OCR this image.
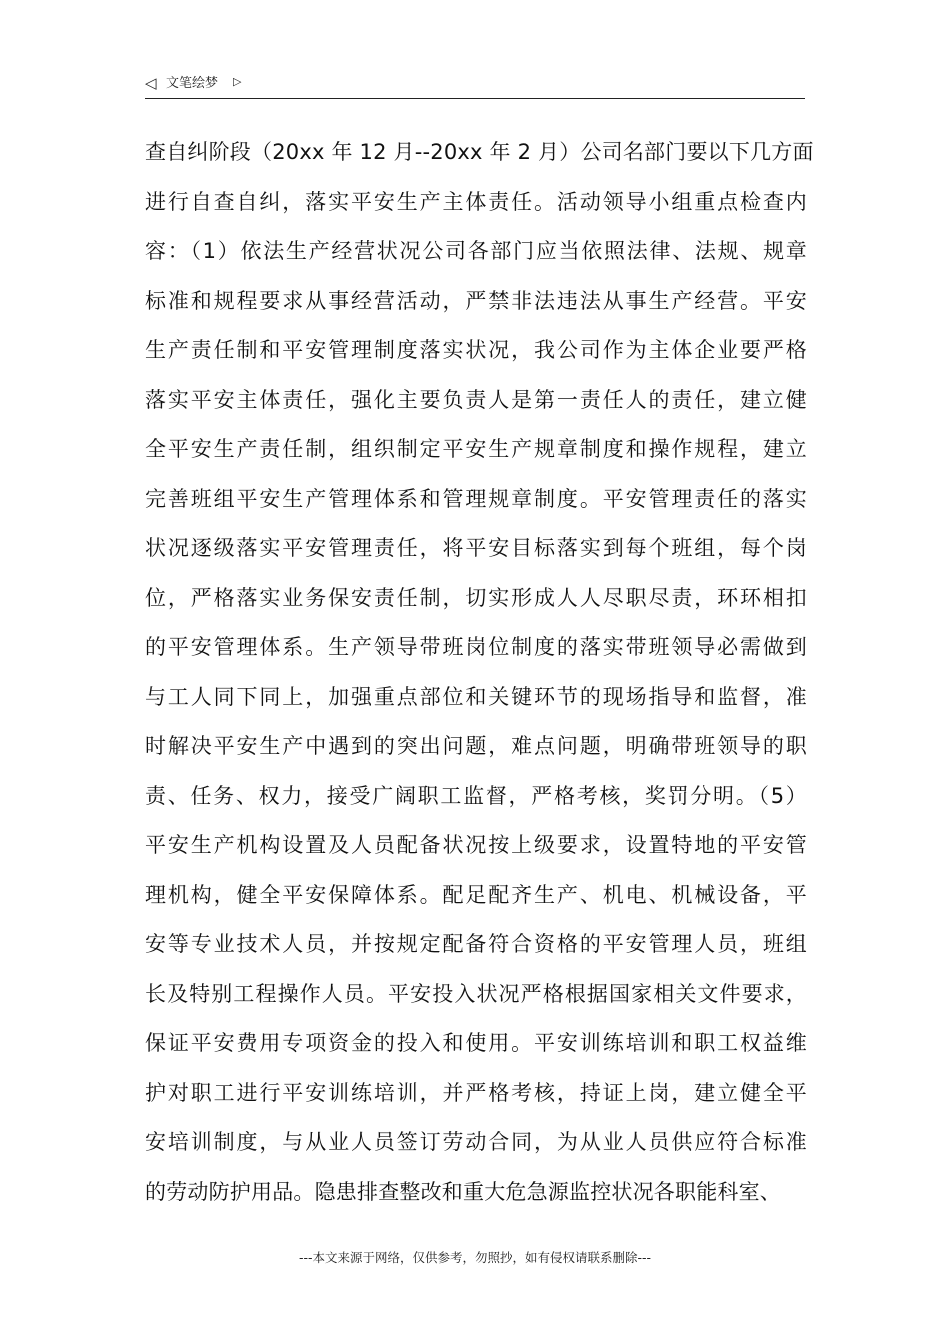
◁ 文笔绘梦 ▷
查自纠阶段（20xx 年 12 月--20xx 年 2 月）公司名部门要以下几方面
进行自查自纠，落实平安生产主体责任。活动领导小组重点检查内
容：（1）依法生产经营状况公司各部门应当依照法律、法规、规章
标准和规程要求从事经营活动，严禁非法违法从事生产经营。平安
生产责任制和平安管理制度落实状况，我公司作为主体企业要严格
落实平安主体责任，强化主要负责人是第一责任人的责任，建立健
全平安生产责任制，组织制定平安生产规章制度和操作规程，建立
完善班组平安生产管理体系和管理规章制度。平安管理责任的落实
状况逐级落实平安管理责任，将平安目标落实到每个班组，每个岗
位，严格落实业务保安责任制，切实形成人人尽职尽责，环环相扣
的平安管理体系。生产领导带班岗位制度的落实带班领导必需做到
与工人同下同上，加强重点部位和关键环节的现场指导和监督，准
时解决平安生产中遇到的突出问题，难点问题，明确带班领导的职
责、任务、权力，接受广阔职工监督，严格考核，奖罚分明。（5）
平安生产机构设置及人员配备状况按上级要求，设置特地的平安管
理机构，健全平安保障体系。配足配齐生产、机电、机械设备，平
安等专业技术人员，并按规定配备符合资格的平安管理人员，班组
长及特别工程操作人员。平安投入状况严格根据国家相关文件要求，
保证平安费用专项资金的投入和使用。平安训练培训和职工权益维
护对职工进行平安训练培训，并严格考核，持证上岗，建立健全平
安培训制度，与从业人员签订劳动合同，为从业人员供应符合标准
的劳动防护用品。隐患排查整改和重大危急源监控状况各职能科室、
---本文来源于网络，仅供参考，勿照抄，如有侵权请联系删除---
